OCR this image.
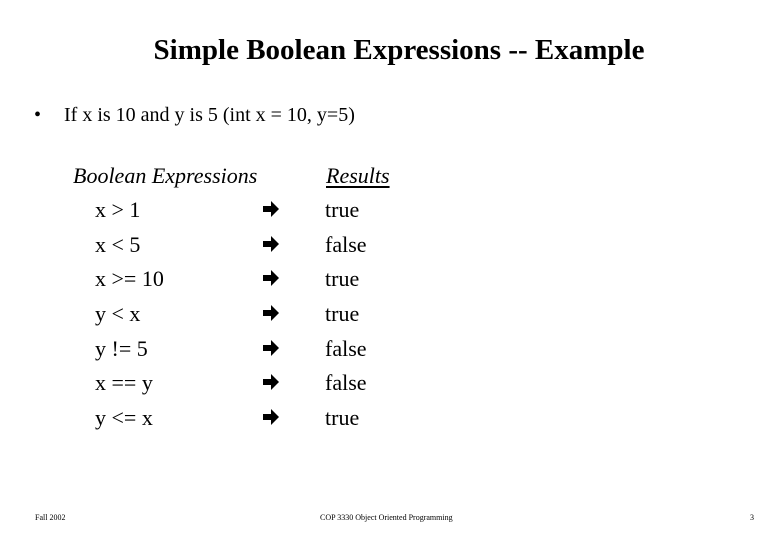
Simple Boolean Expressions -- Example
• If x is 10 and y is 5 (int x = 10, y=5)
Boolean Expressions	Results
x > 1	true
x < 5	false
x >= 10	true
y < x	true
y != 5	false
x == y	false
y <= x	true
Fall 2002	COP 3330 Object Oriented Programming	3
